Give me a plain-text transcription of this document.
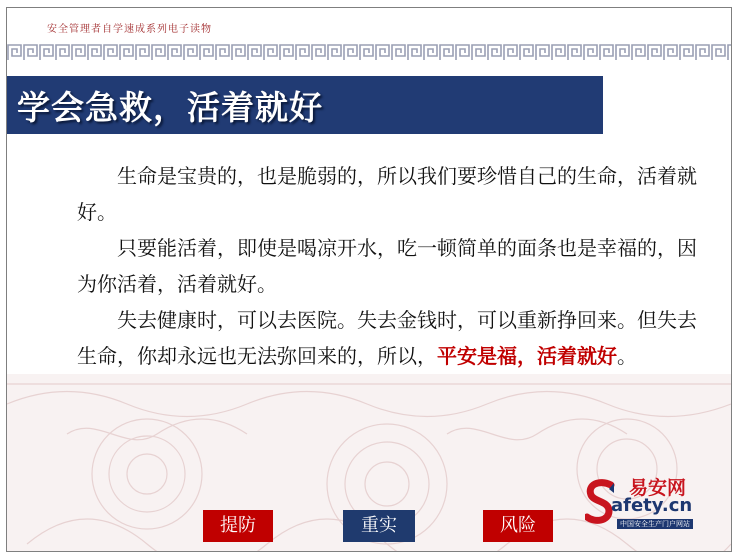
安全管理者自学速成系列电子读物
学会急救，活着就好

生命是宝贵的，也是脆弱的，所以我们要珍惜自己的生命，活着就好。

只要能活着，即使是喝凉开水，吃一顿简单的面条也是幸福的，因为你活着，活着就好。

失去健康时，可以去医院。失去金钱时，可以重新挣回来。但失去生命，你却永远也无法弥回来的，所以，平安是福，活着就好。

提防	重实	风险
易安网
afety.cn
中国安全生产门户网站
